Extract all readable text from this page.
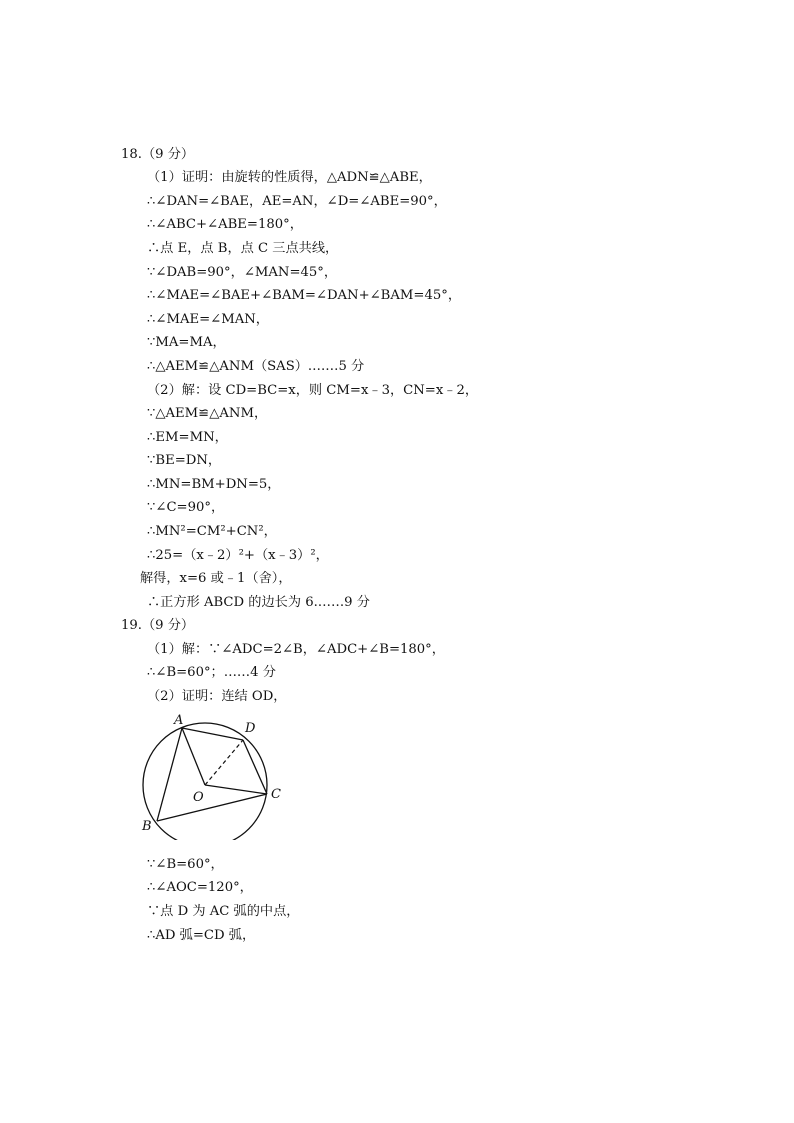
18.（9 分）
（1）证明：由旋转的性质得，△ADN≌△ABE，
∴∠DAN=∠BAE，AE=AN，∠D=∠ABE=90°，
∴∠ABC+∠ABE=180°，
∴点 E，点 B，点 C 三点共线，
∵∠DAB=90°，∠MAN=45°，
∴∠MAE=∠BAE+∠BAM=∠DAN+∠BAM=45°，
∴∠MAE=∠MAN，
∵MA=MA，
∴△AEM≌△ANM（SAS）.……5 分
（2）解：设 CD=BC=x，则 CM=x﹣3，CN=x﹣2，
∵△AEM≌△ANM，
∴EM=MN，
∵BE=DN，
∴MN=BM+DN=5，
∵∠C=90°，
∴MN²=CM²+CN²，
∴25=（x﹣2）²+（x﹣3）²，
解得，x=6 或﹣1（舍），
∴正方形 ABCD 的边长为 6.……9 分
19.（9 分）
（1）解：∵∠ADC=2∠B，∠ADC+∠B=180°，
∴∠B=60°；……4 分
（2）证明：连结 OD，
A
D
C
O
B
∵∠B=60°，
∴∠AOC=120°，
∵点 D 为 AC 弧的中点，
∴AD 弧=CD 弧，
